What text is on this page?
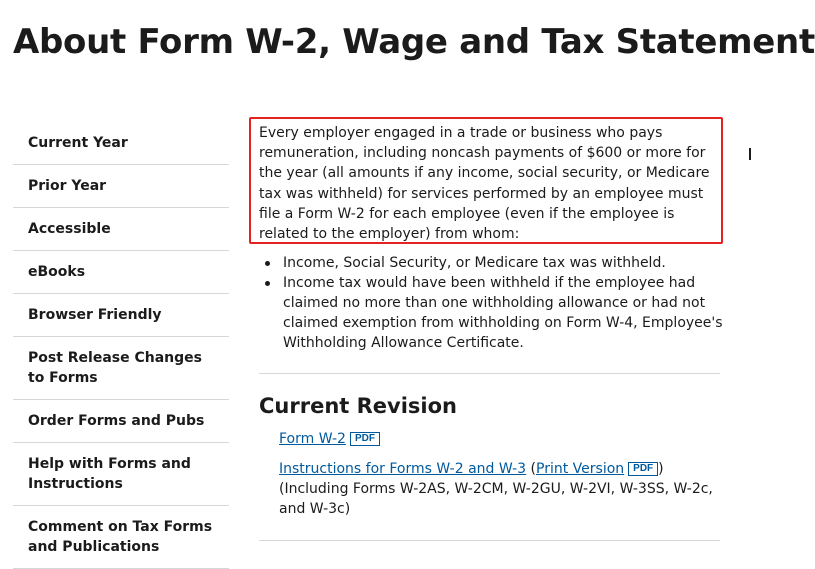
About Form W-2, Wage and Tax Statement
Current Year
Prior Year
Accessible
eBooks
Browser Friendly
Post Release Changes to Forms
Order Forms and Pubs
Help with Forms and Instructions
Comment on Tax Forms and Publications

Every employer engaged in a trade or business who pays remuneration, including noncash payments of $600 or more for the year (all amounts if any income, social security, or Medicare tax was withheld) for services performed by an employee must file a Form W-2 for each employee (even if the employee is related to the employer) from whom:

Income, Social Security, or Medicare tax was withheld.
Income tax would have been withheld if the employee had claimed no more than one withholding allowance or had not claimed exemption from withholding on Form W-4, Employee's Withholding Allowance Certificate.
Current Revision
Form W-2 PDF
Instructions for Forms W-2 and W-3 (Print Version PDF )
(Including Forms W-2AS, W-2CM, W-2GU, W-2VI, W-3SS, W-2c, and W-3c)
